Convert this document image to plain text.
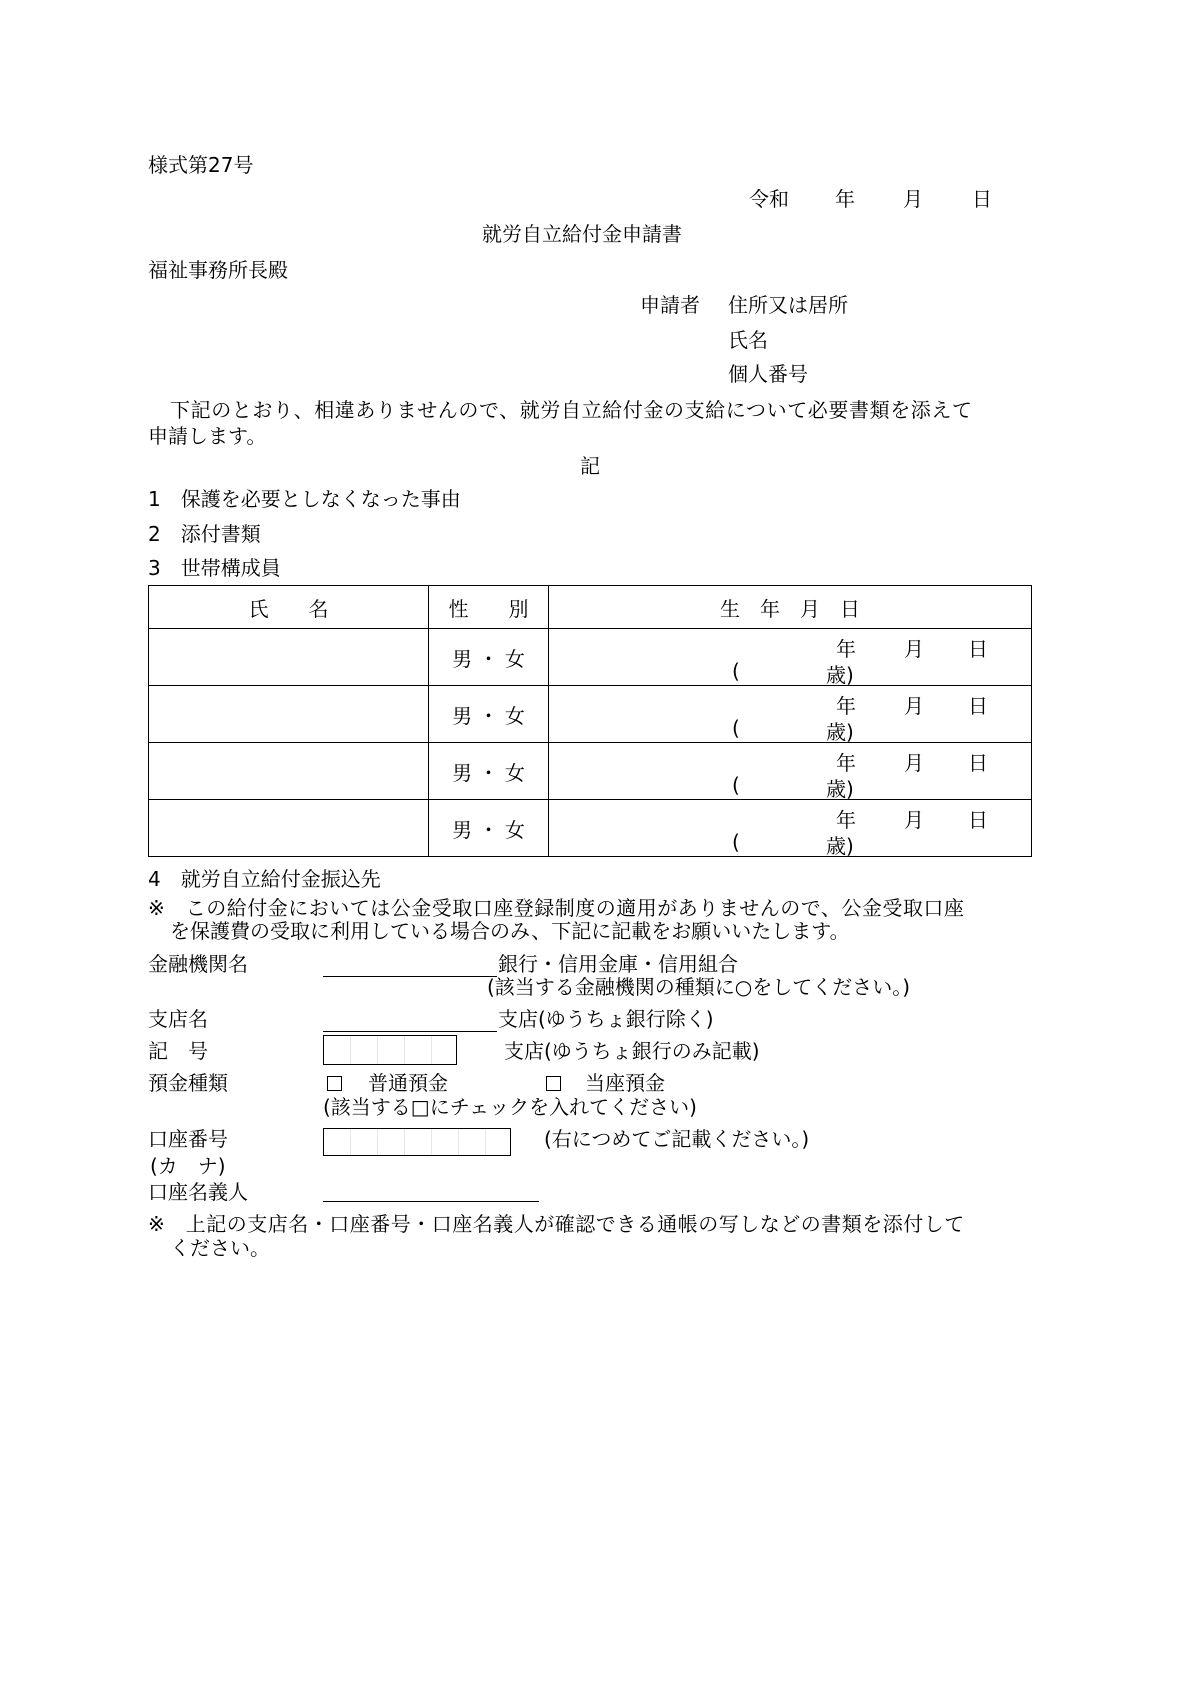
様式第27号
令和 年 月 日
就労自立給付金申請書
福祉事務所長殿
申請者 住所又は居所
氏名
個人番号
下記のとおり、相違ありませんので、就労自立給付金の支給について必要書類を添えて
申請します。
記
1　保護を必要としなくなった事由
2　添付書類
3　世帯構成員
氏　　名	性　　別	生　年　月　日
	男 ・ 女	年 月 日
( 歳)

	男 ・ 女	年 月 日
( 歳)

	男 ・ 女	年 月 日
( 歳)

	男 ・ 女	年 月 日
( 歳)
4　就労自立給付金振込先
※　この給付金においては公金受取口座登録制度の適用がありませんので、公金受取口座
を保護費の受取に利用している場合のみ、下記に記載をお願いいたします。
金融機関名	銀行・信用金庫・信用組合
(該当する金融機関の種類に○をしてください。)
支店名	支店(ゆうちょ銀行除く)
記　号	支店(ゆうちょ銀行のみ記載)
預金種類	普通預金	当座預金
(該当する□にチェックを入れてください)
口座番号	(右につめてご記載ください。)
(カ　ナ)
口座名義人
※　上記の支店名・口座番号・口座名義人が確認できる通帳の写しなどの書類を添付して
ください。
